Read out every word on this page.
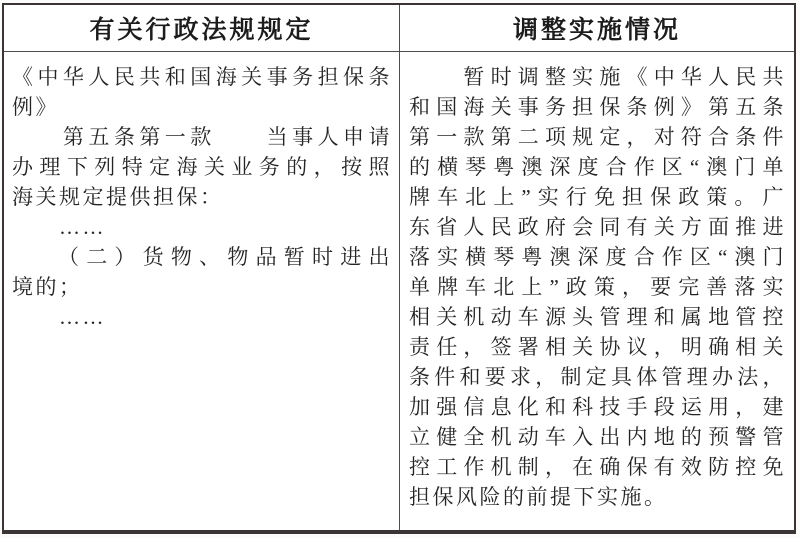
有关行政法规规定
《中华人民共和国海关事务担保条
例》
　　第五条第一款　　当事人申请
办理下列特定海关业务的，按照
海关规定提供担保：
　　……
　　（二）货物、物品暂时进出
境的；
　　……
调整实施情况
　　暂时调整实施《中华人民共
和国海关事务担保条例》第五条
第一款第二项规定，对符合条件
的横琴粤澳深度合作区“澳门单
牌车北上”实行免担保政策。广
东省人民政府会同有关方面推进
落实横琴粤澳深度合作区“澳门
单牌车北上”政策，要完善落实
相关机动车源头管理和属地管控
责任，签署相关协议，明确相关
条件和要求，制定具体管理办法，
加强信息化和科技手段运用，建
立健全机动车入出内地的预警管
控工作机制，在确保有效防控免
担保风险的前提下实施。
